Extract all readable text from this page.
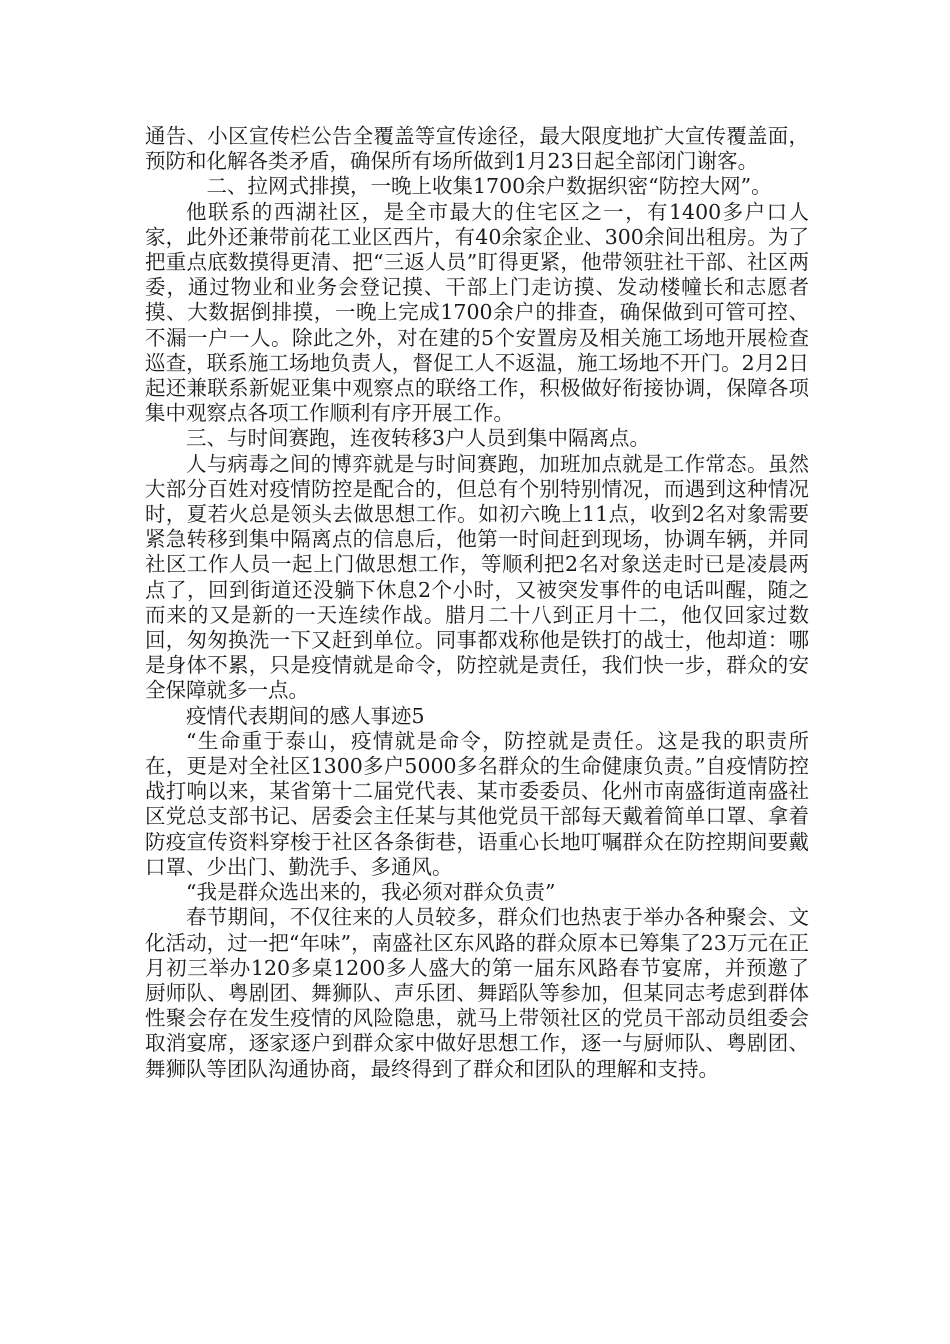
通告、小区宣传栏公告全覆盖等宣传途径，最大限度地扩大宣传覆盖面，预防和化解各类矛盾，确保所有场所做到1月23日起全部闭门谢客。

二、拉网式排摸，一晚上收集1700余户数据织密“防控大网”。

他联系的西湖社区，是全市最大的住宅区之一，有1400多户口人家，此外还兼带前花工业区西片，有40余家企业、300余间出租房。为了把重点底数摸得更清、把“三返人员”盯得更紧，他带领驻社干部、社区两委，通过物业和业务会登记摸、干部上门走访摸、发动楼幢长和志愿者摸、大数据倒排摸，一晚上完成1700余户的排查，确保做到可管可控、不漏一户一人。除此之外，对在建的5个安置房及相关施工场地开展检查巡查，联系施工场地负责人，督促工人不返温，施工场地不开门。2月2日起还兼联系新妮亚集中观察点的联络工作，积极做好衔接协调，保障各项集中观察点各项工作顺利有序开展工作。

三、与时间赛跑，连夜转移3户人员到集中隔离点。

人与病毒之间的博弈就是与时间赛跑，加班加点就是工作常态。虽然大部分百姓对疫情防控是配合的，但总有个别特别情况，而遇到这种情况时，夏若火总是领头去做思想工作。如初六晚上11点，收到2名对象需要紧急转移到集中隔离点的信息后，他第一时间赶到现场，协调车辆，并同社区工作人员一起上门做思想工作，等顺利把2名对象送走时已是凌晨两点了，回到街道还没躺下休息2个小时，又被突发事件的电话叫醒，随之而来的又是新的一天连续作战。腊月二十八到正月十二，他仅回家过数回，匆匆换洗一下又赶到单位。同事都戏称他是铁打的战士，他却道：哪是身体不累，只是疫情就是命令，防控就是责任，我们快一步，群众的安全保障就多一点。

疫情代表期间的感人事迹5

“生命重于泰山，疫情就是命令，防控就是责任。这是我的职责所在，更是对全社区1300多户5000多名群众的生命健康负责。”自疫情防控战打响以来，某省第十二届党代表、某市委委员、化州市南盛街道南盛社区党总支部书记、居委会主任某与其他党员干部每天戴着简单口罩、拿着防疫宣传资料穿梭于社区各条街巷，语重心长地叮嘱群众在防控期间要戴口罩、少出门、勤洗手、多通风。

“我是群众选出来的，我必须对群众负责”

春节期间，不仅往来的人员较多，群众们也热衷于举办各种聚会、文化活动，过一把“年味”，南盛社区东风路的群众原本已筹集了23万元在正月初三举办120多桌1200多人盛大的第一届东风路春节宴席，并预邀了厨师队、粤剧团、舞狮队、声乐团、舞蹈队等参加，但某同志考虑到群体性聚会存在发生疫情的风险隐患，就马上带领社区的党员干部动员组委会取消宴席，逐家逐户到群众家中做好思想工作，逐一与厨师队、粤剧团、舞狮队等团队沟通协商，最终得到了群众和团队的理解和支持。
